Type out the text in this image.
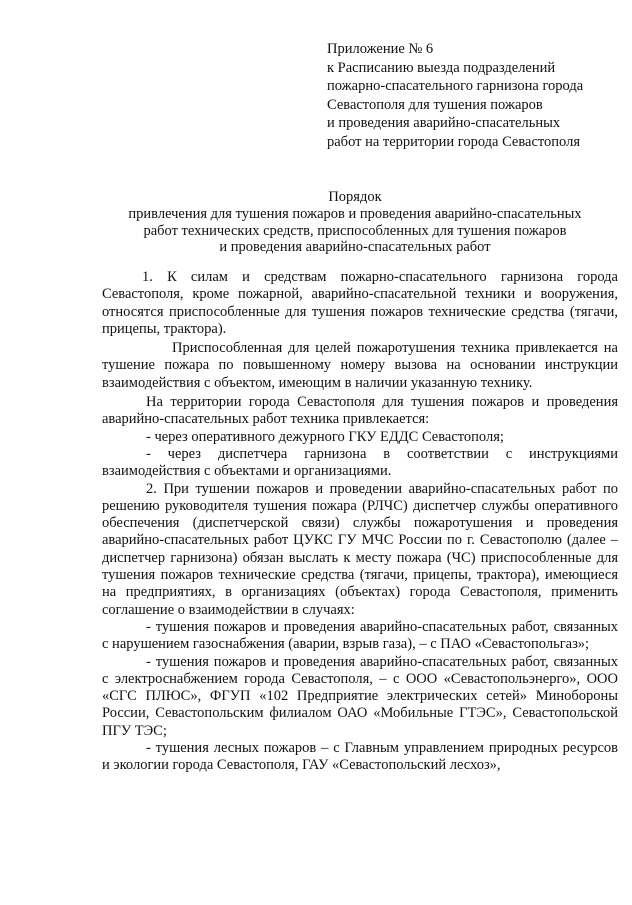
Приложение № 6
к Расписанию выезда подразделений
пожарно-спасательного гарнизона города
Севастополя для тушения пожаров
и проведения аварийно-спасательных
работ на территории города Севастополя
Порядок
привлечения для тушения пожаров и проведения аварийно-спасательных
работ технических средств, приспособленных для тушения пожаров
и проведения аварийно-спасательных работ

1. К силам и средствам пожарно-спасательного гарнизона города Севастополя, кроме пожарной, аварийно-спасательной техники и вооружения, относятся приспособленные для тушения пожаров технические средства (тягачи, прицепы, трактора).

Приспособленная для целей пожаротушения техника привлекается на тушение пожара по повышенному номеру вызова на основании инструкции взаимодействия с объектом, имеющим в наличии указанную технику.

На территории города Севастополя для тушения пожаров и проведения аварийно-спасательных работ техника привлекается:

- через оперативного дежурного ГКУ ЕДДС Севастополя;

- через диспетчера гарнизона в соответствии с инструкциями взаимодействия с объектами и организациями.

2. При тушении пожаров и проведении аварийно-спасательных работ по решению руководителя тушения пожара (РЛЧС) диспетчер службы оперативного обеспечения (диспетчерской связи) службы пожаротушения и проведения аварийно-спасательных работ ЦУКС ГУ МЧС России по г. Севастополю (далее – диспетчер гарнизона) обязан выслать к месту пожара (ЧС) приспособленные для тушения пожаров технические средства (тягачи, прицепы, трактора), имеющиеся на предприятиях, в организациях (объектах) города Севастополя, применить соглашение о взаимодействии в случаях:

- тушения пожаров и проведения аварийно-спасательных работ, связанных с нарушением газоснабжения (аварии, взрыв газа), – с ПАО «Севастопольгаз»;

- тушения пожаров и проведения аварийно-спасательных работ, связанных с электроснабжением города Севастополя, – с ООО «Севастопольэнерго», ООО «СГС ПЛЮС», ФГУП «102 Предприятие электрических сетей» Минобороны России, Севастопольским филиалом ОАО «Мобильные ГТЭС», Севастопольской ПГУ ТЭС;

- тушения лесных пожаров – с Главным управлением природных ресурсов и экологии города Севастополя, ГАУ «Севастопольский лесхоз»,
